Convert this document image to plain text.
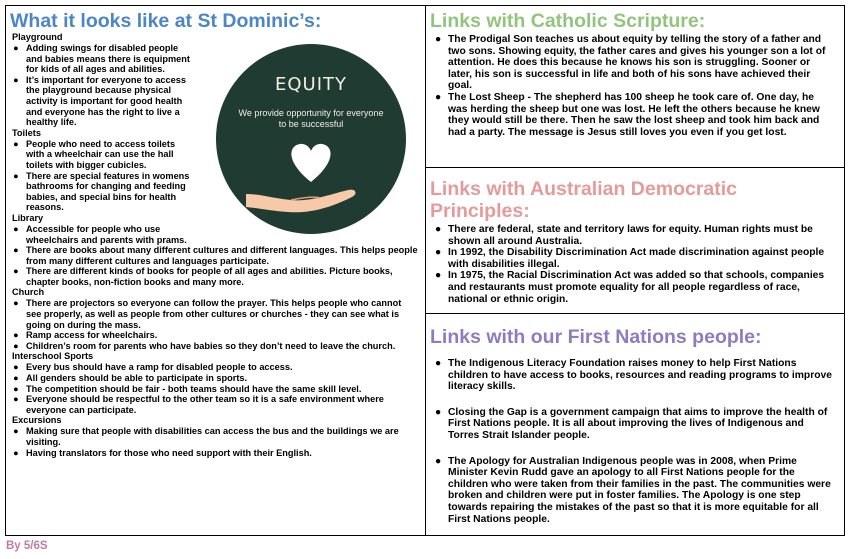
What it looks like at St Dominic’s:
EQUITY
We provide opportunity for everyone to be successful
Playground
● Adding swings for disabled people and babies means there is equipment for kids of all ages and abilities.
● It’s important for everyone to access the playground because physical activity is important for good health and everyone has the right to live a healthy life.
Toilets
● People who need to access toilets with a wheelchair can use the hall toilets with bigger cubicles.
● There are special features in womens bathrooms for changing and feeding babies, and special bins for health reasons.
Library
● Accessible for people who use wheelchairs and parents with prams.
● There are books about many different cultures and different languages. This helps people from many different cultures and languages participate.
● There are different kinds of books for people of all ages and abilities. Picture books, chapter books, non-fiction books and many more.
Church
● There are projectors so everyone can follow the prayer. This helps people who cannot see properly, as well as people from other cultures or churches - they can see what is going on during the mass.
● Ramp access for wheelchairs.
● Children’s room for parents who have babies so they don’t need to leave the church.
Interschool Sports
● Every bus should have a ramp for disabled people to access.
● All genders should be able to participate in sports.
● The competition should be fair - both teams should have the same skill level.
● Everyone should be respectful to the other team so it is a safe environment where everyone can participate.
Excursions
● Making sure that people with disabilities can access the bus and the buildings we are visiting.
● Having translators for those who need support with their English.
Links with Catholic Scripture:
● The Prodigal Son teaches us about equity by telling the story of a father and two sons. Showing equity, the father cares and gives his younger son a lot of attention. He does this because he knows his son is struggling. Sooner or later, his son is successful in life and both of his sons have achieved their goal.
● The Lost Sheep - The shepherd has 100 sheep he took care of. One day, he was herding the sheep but one was lost. He left the others because he knew they would still be there. Then he saw the lost sheep and took him back and had a party. The message is Jesus still loves you even if you get lost.
Links with Australian Democratic Principles:
● There are federal, state and territory laws for equity. Human rights must be shown all around Australia.
● In 1992, the Disability Discrimination Act made discrimination against people with disabilities illegal.
● In 1975, the Racial Discrimination Act was added so that schools, companies and restaurants must promote equality for all people regardless of race, national or ethnic origin.
Links with our First Nations people:
● The Indigenous Literacy Foundation raises money to help First Nations children to have access to books, resources and reading programs to improve literacy skills.
● Closing the Gap is a government campaign that aims to improve the health of First Nations people. It is all about improving the lives of Indigenous and Torres Strait Islander people.
● The Apology for Australian Indigenous people was in 2008, when Prime Minister Kevin Rudd gave an apology to all First Nations people for the children who were taken from their families in the past. The communities were broken and children were put in foster families. The Apology is one step towards repairing the mistakes of the past so that it is more equitable for all First Nations people.
By 5/6S
